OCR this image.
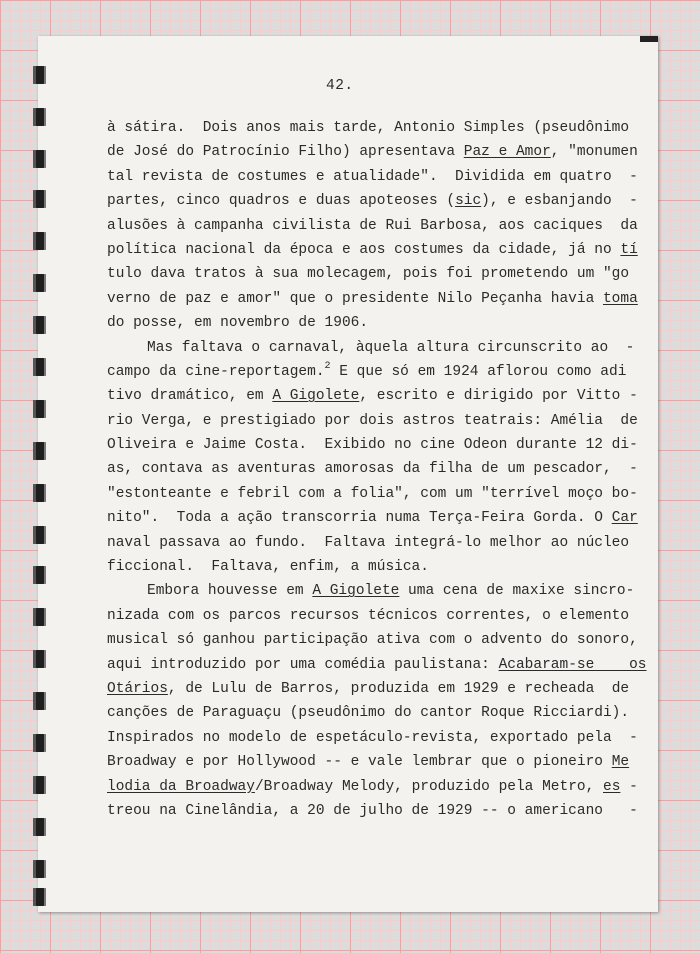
42.
à sátira.  Dois anos mais tarde, Antonio Simples (pseudônimo
de José do Patrocínio Filho) apresentava Paz e Amor, "monumen
tal revista de costumes e atualidade".  Dividida em quatro  -
partes, cinco quadros e duas apoteoses (sic), e esbanjando  -
alusões à campanha civilista de Rui Barbosa, aos caciques  da
política nacional da época e aos costumes da cidade, já no tí
tulo dava tratos à sua molecagem, pois foi prometendo um "go
verno de paz e amor" que o presidente Nilo Peçanha havia toma
do posse, em novembro de 1906.
Mas faltava o carnaval, àquela altura circunscrito ao  -
campo da cine-reportagem.$^2$ E que só em 1924 aflorou como adi
tivo dramático, em A Gigolete, escrito e dirigido por Vitto -
rio Verga, e prestigiado por dois astros teatrais: Amélia  de
Oliveira e Jaime Costa.  Exibido no cine Odeon durante 12 di-
as, contava as aventuras amorosas da filha de um pescador,  -
"estonteante e febril com a folia", com um "terrível moço bo-
nito".  Toda a ação transcorria numa Terça-Feira Gorda. O Car
naval passava ao fundo.  Faltava integrá-lo melhor ao núcleo
ficcional.  Faltava, enfim, a música.
Embora houvesse em A Gigolete uma cena de maxixe sincro-
nizada com os parcos recursos técnicos correntes, o elemento
musical só ganhou participação ativa com o advento do sonoro,
aqui introduzido por uma comédia paulistana: Acabaram-se    os
Otários, de Lulu de Barros, produzida em 1929 e recheada  de
canções de Paraguaçu (pseudônimo do cantor Roque Ricciardi).
Inspirados no modelo de espetáculo-revista, exportado pela  -
Broadway e por Hollywood -- e vale lembrar que o pioneiro Me
lodia da Broadway/Broadway Melody, produzido pela Metro, es -
treou na Cinelândia, a 20 de julho de 1929 -- o americano   -
